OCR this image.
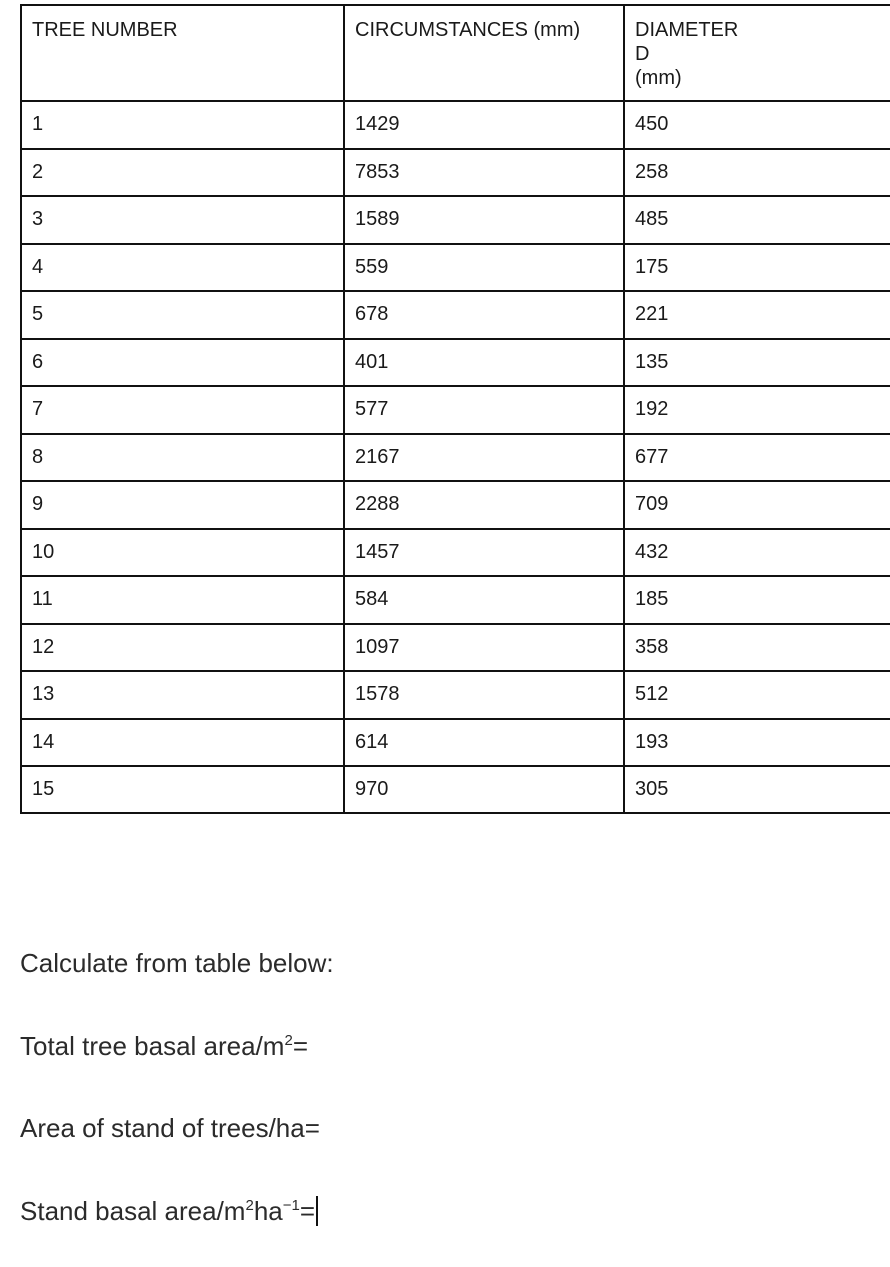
TREE NUMBER	CIRCUMSTANCES (mm)	DIAMETER
D
(mm)

1	1429	450
2	7853	258
3	1589	485
4	559	175
5	678	221
6	401	135
7	577	192
8	2167	677
9	2288	709
10	1457	432
11	584	185
12	1097	358
13	1578	512
14	614	193
15	970	305
Calculate from table below:
Total tree basal area/$m^2=$
Area of stand of trees/ha=
Stand basal area/$m^2ha^{-1}=$
